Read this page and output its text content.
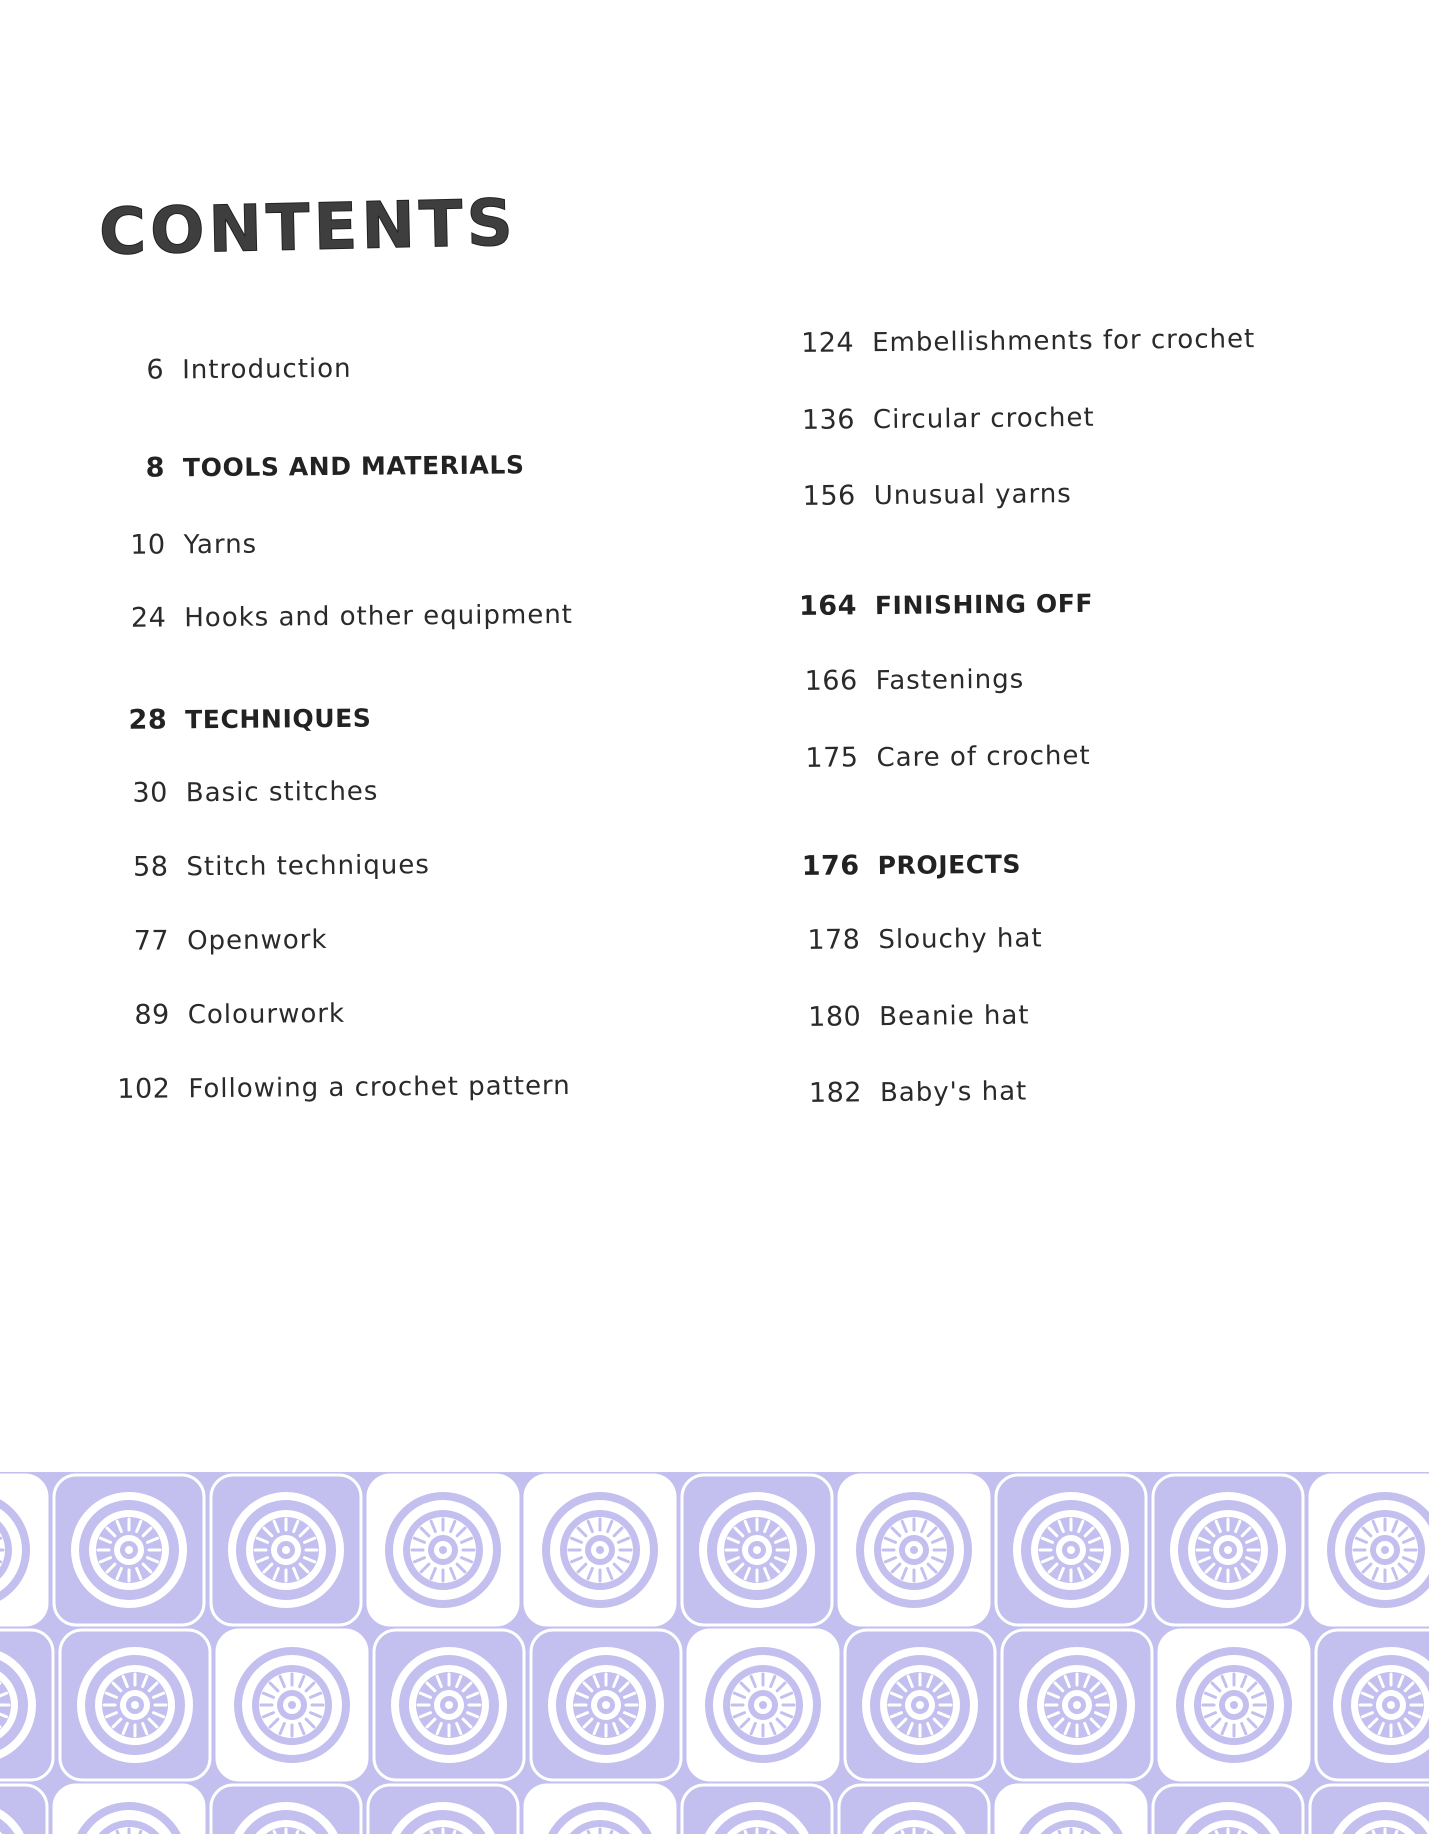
CONTENTS
6 Introduction
8 TOOLS AND MATERIALS
10 Yarns
24 Hooks and other equipment
28 TECHNIQUES
30 Basic stitches
58 Stitch techniques
77 Openwork
89 Colourwork
102 Following a crochet pattern
124 Embellishments for crochet
136 Circular crochet
156 Unusual yarns
164 FINISHING OFF
166 Fastenings
175 Care of crochet
176 PROJECTS
178 Slouchy hat
180 Beanie hat
182 Baby's hat
